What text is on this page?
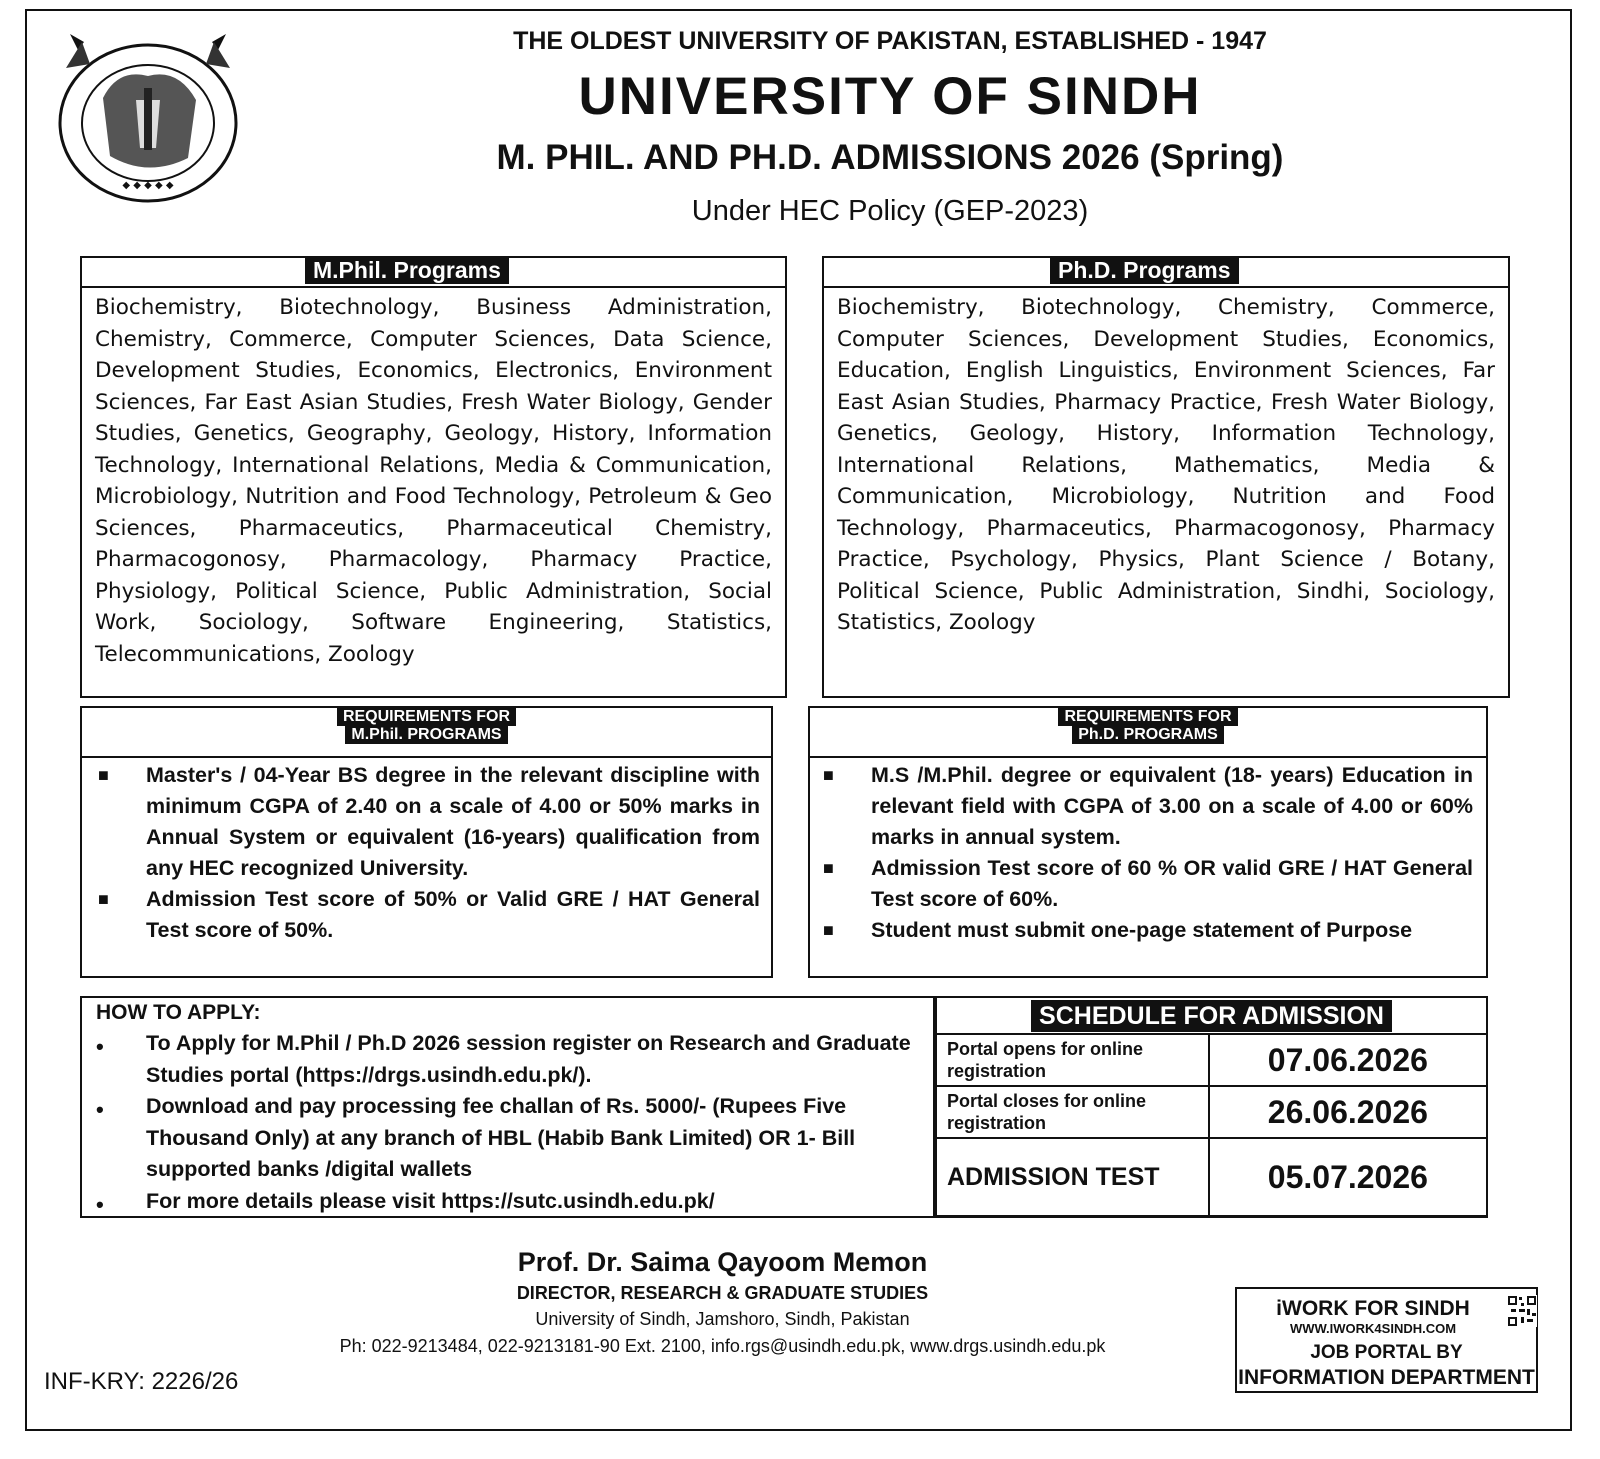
◆ ◆ ◆ ◆ ◆
THE OLDEST UNIVERSITY OF PAKISTAN, ESTABLISHED - 1947
UNIVERSITY OF SINDH
M. PHIL. AND PH.D. ADMISSIONS 2026 (Spring)
Under HEC Policy (GEP-2023)
M.Phil. Programs
Biochemistry, Biotechnology, Business Administration, Chemistry, Commerce, Computer Sciences, Data Science, Development Studies, Economics, Electronics, Environment Sciences, Far East Asian Studies, Fresh Water Biology, Gender Studies, Genetics, Geography, Geology, History, Information Technology, International Relations, Media & Communication, Microbiology, Nutrition and Food Technology, Petroleum & Geo Sciences, Pharmaceutics, Pharmaceutical Chemistry, Pharmacogonosy, Pharmacology, Pharmacy Practice, Physiology, Political Science, Public Administration, Social Work, Sociology, Software Engineering, Statistics, Telecommunications, Zoology
Ph.D. Programs
Biochemistry, Biotechnology, Chemistry, Commerce, Computer Sciences, Development Studies, Economics, Education, English Linguistics, Environment Sciences, Far East Asian Studies, Pharmacy Practice, Fresh Water Biology, Genetics, Geology, History, Information Technology, International Relations, Mathematics, Media & Communication, Microbiology, Nutrition and Food Technology, Pharmaceutics, Pharmacogonosy, Pharmacy Practice, Psychology, Physics, Plant Science / Botany, Political Science, Public Administration, Sindhi, Sociology, Statistics, Zoology
REQUIREMENTS FOR
M.Phil. PROGRAMS
■ Master's / 04-Year BS degree in the relevant discipline with minimum CGPA of 2.40 on a scale of 4.00 or 50% marks in Annual System or equivalent (16-years) qualification from any HEC recognized University.
■ Admission Test score of 50% or Valid GRE / HAT General Test score of 50%.
REQUIREMENTS FOR
Ph.D. PROGRAMS
■ M.S /M.Phil. degree or equivalent (18- years) Education in relevant field with CGPA of 3.00 on a scale of 4.00 or 60% marks in annual system.
■ Admission Test score of 60 % OR valid GRE / HAT General Test score of 60%.
■ Student must submit one-page statement of Purpose
HOW TO APPLY:
• To Apply for M.Phil / Ph.D 2026 session register on Research and Graduate Studies portal (https://drgs.usindh.edu.pk/).
• Download and pay processing fee challan of Rs. 5000/- (Rupees Five Thousand Only) at any branch of HBL (Habib Bank Limited) OR 1- Bill supported banks /digital wallets
• For more details please visit https://sutc.usindh.edu.pk/
SCHEDULE FOR ADMISSION
Portal opens for online registration	07.06.2026
Portal closes for online registration	26.06.2026
ADMISSION TEST	05.07.2026
Prof. Dr. Saima Qayoom Memon
DIRECTOR, RESEARCH & GRADUATE STUDIES
University of Sindh, Jamshoro, Sindh, Pakistan
Ph: 022-9213484, 022-9213181-90 Ext. 2100, info.rgs@usindh.edu.pk, www.drgs.usindh.edu.pk
INF-KRY: 2226/26
iWORK FOR SINDH
WWW.IWORK4SINDH.COM
JOB PORTAL BY
INFORMATION DEPARTMENT
